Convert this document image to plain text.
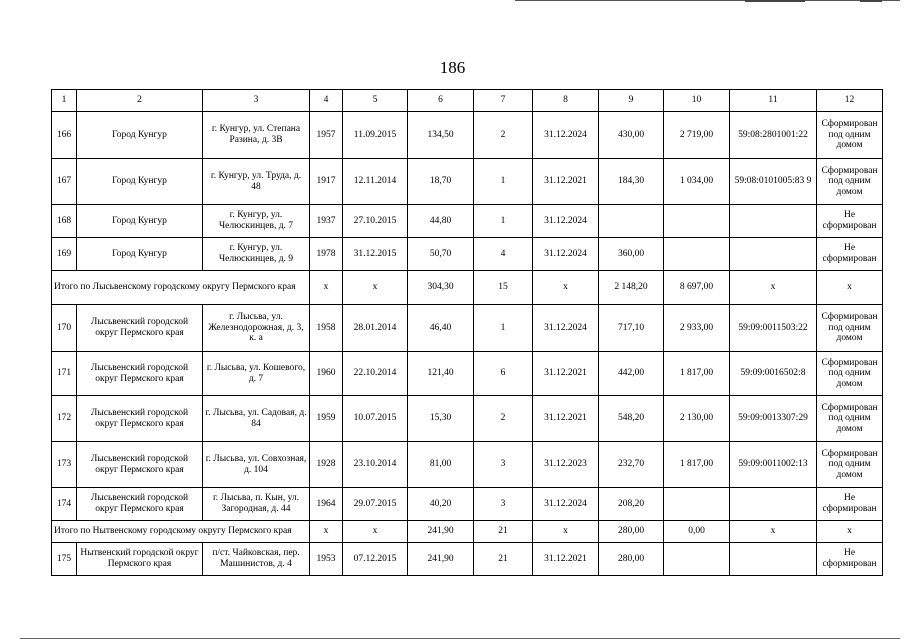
186
1	2	3	4	5	6	7	8	9	10	11	12
166	Город Кунгур	г. Кунгур, ул. Степана Разина, д. 3В	1957	11.09.2015	134,50	2	31.12.2024	430,00	2 719,00	59:08:2801001:22	Сформирован под одним домом
167	Город Кунгур	г. Кунгур, ул. Труда, д. 48	1917	12.11.2014	18,70	1	31.12.2021	184,30	1 034,00	59:08:0101005:83 9	Сформирован под одним домом
168	Город Кунгур	г. Кунгур, ул. Челюскинцев, д. 7	1937	27.10.2015	44,80	1	31.12.2024				Не сформирован
169	Город Кунгур	г. Кунгур, ул. Челюскинцев, д. 9	1978	31.12.2015	50,70	4	31.12.2024	360,00			Не сформирован
Итого по Лысьвенскому городскому округу Пермского края			х	х	304,30	15	х	2 148,20	8 697,00	х	х
170	Лысьвенский городской округ Пермского края	г. Лысьва, ул. Железнодорожная, д. 3, к. а	1958	28.01.2014	46,40	1	31.12.2024	717,10	2 933,00	59:09:0011503:22	Сформирован под одним домом
171	Лысьвенский городской округ Пермского края	г. Лысьва, ул. Кошевого, д. 7	1960	22.10.2014	121,40	6	31.12.2021	442,00	1 817,00	59:09:0016502:8	Сформирован под одним домом
172	Лысьвенский городской округ Пермского края	г. Лысьва, ул. Садовая, д. 84	1959	10.07.2015	15,30	2	31.12.2021	548,20	2 130,00	59:09:0013307:29	Сформирован под одним домом
173	Лысьвенский городской округ Пермского края	г. Лысьва, ул. Совхозная, д. 104	1928	23.10.2014	81,00	3	31.12.2023	232,70	1 817,00	59:09:0011002:13	Сформирован под одним домом
174	Лысьвенский городской округ Пермского края	г. Лысьва, п. Кын, ул. Загородная, д. 44	1964	29.07.2015	40,20	3	31.12.2024	208,20			Не сформирован
Итого по Нытвенскому городскому округу Пермского края			х	х	241,90	21	х	280,00	0,00	х	х
175	Нытвенский городской округ Пермского края	п/ст. Чайковская, пер. Машинистов, д. 4	1953	07.12.2015	241,90	21	31.12.2021	280,00			Не сформирован
